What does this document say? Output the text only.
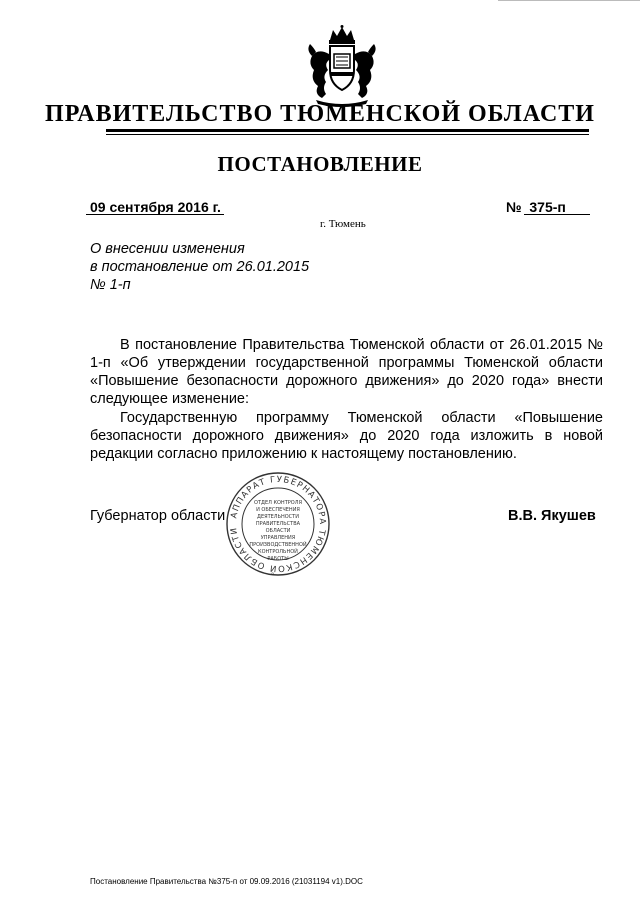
ПРАВИТЕЛЬСТВО ТЮМЕНСКОЙ ОБЛАСТИ
ПОСТАНОВЛЕНИЕ
09 сентября 2016 г.	№  375-п
г. Тюмень
О внесении изменения
в постановление от 26.01.2015
№ 1-п
В постановление Правительства Тюменской области от 26.01.2015 № 1-п «Об утверждении государственной программы Тюменской области «Повышение безопасности дорожного движения» до 2020 года» внести следующее изменение:
Государственную программу Тюменской области «Повышение безопасности дорожного движения» до 2020 года изложить в новой редакции согласно приложению к настоящему постановлению.
Губернатор области	В.В. Якушев
АППАРАТ ГУБЕРНАТОРА ТЮМЕНСКОЙ ОБЛАСТИ
ОТДЕЛ КОНТРОЛЯ
И ОБЕСПЕЧЕНИЯ
ДЕЯТЕЛЬНОСТИ
ПРАВИТЕЛЬСТВА
ОБЛАСТИ
УПРАВЛЕНИЯ
ПРОИЗВОДСТВЕННОЙ
КОНТРОЛЬНОЙ
РАБОТЫ
Постановление Правительства №375-п от 09.09.2016 (21031194 v1).DOC
